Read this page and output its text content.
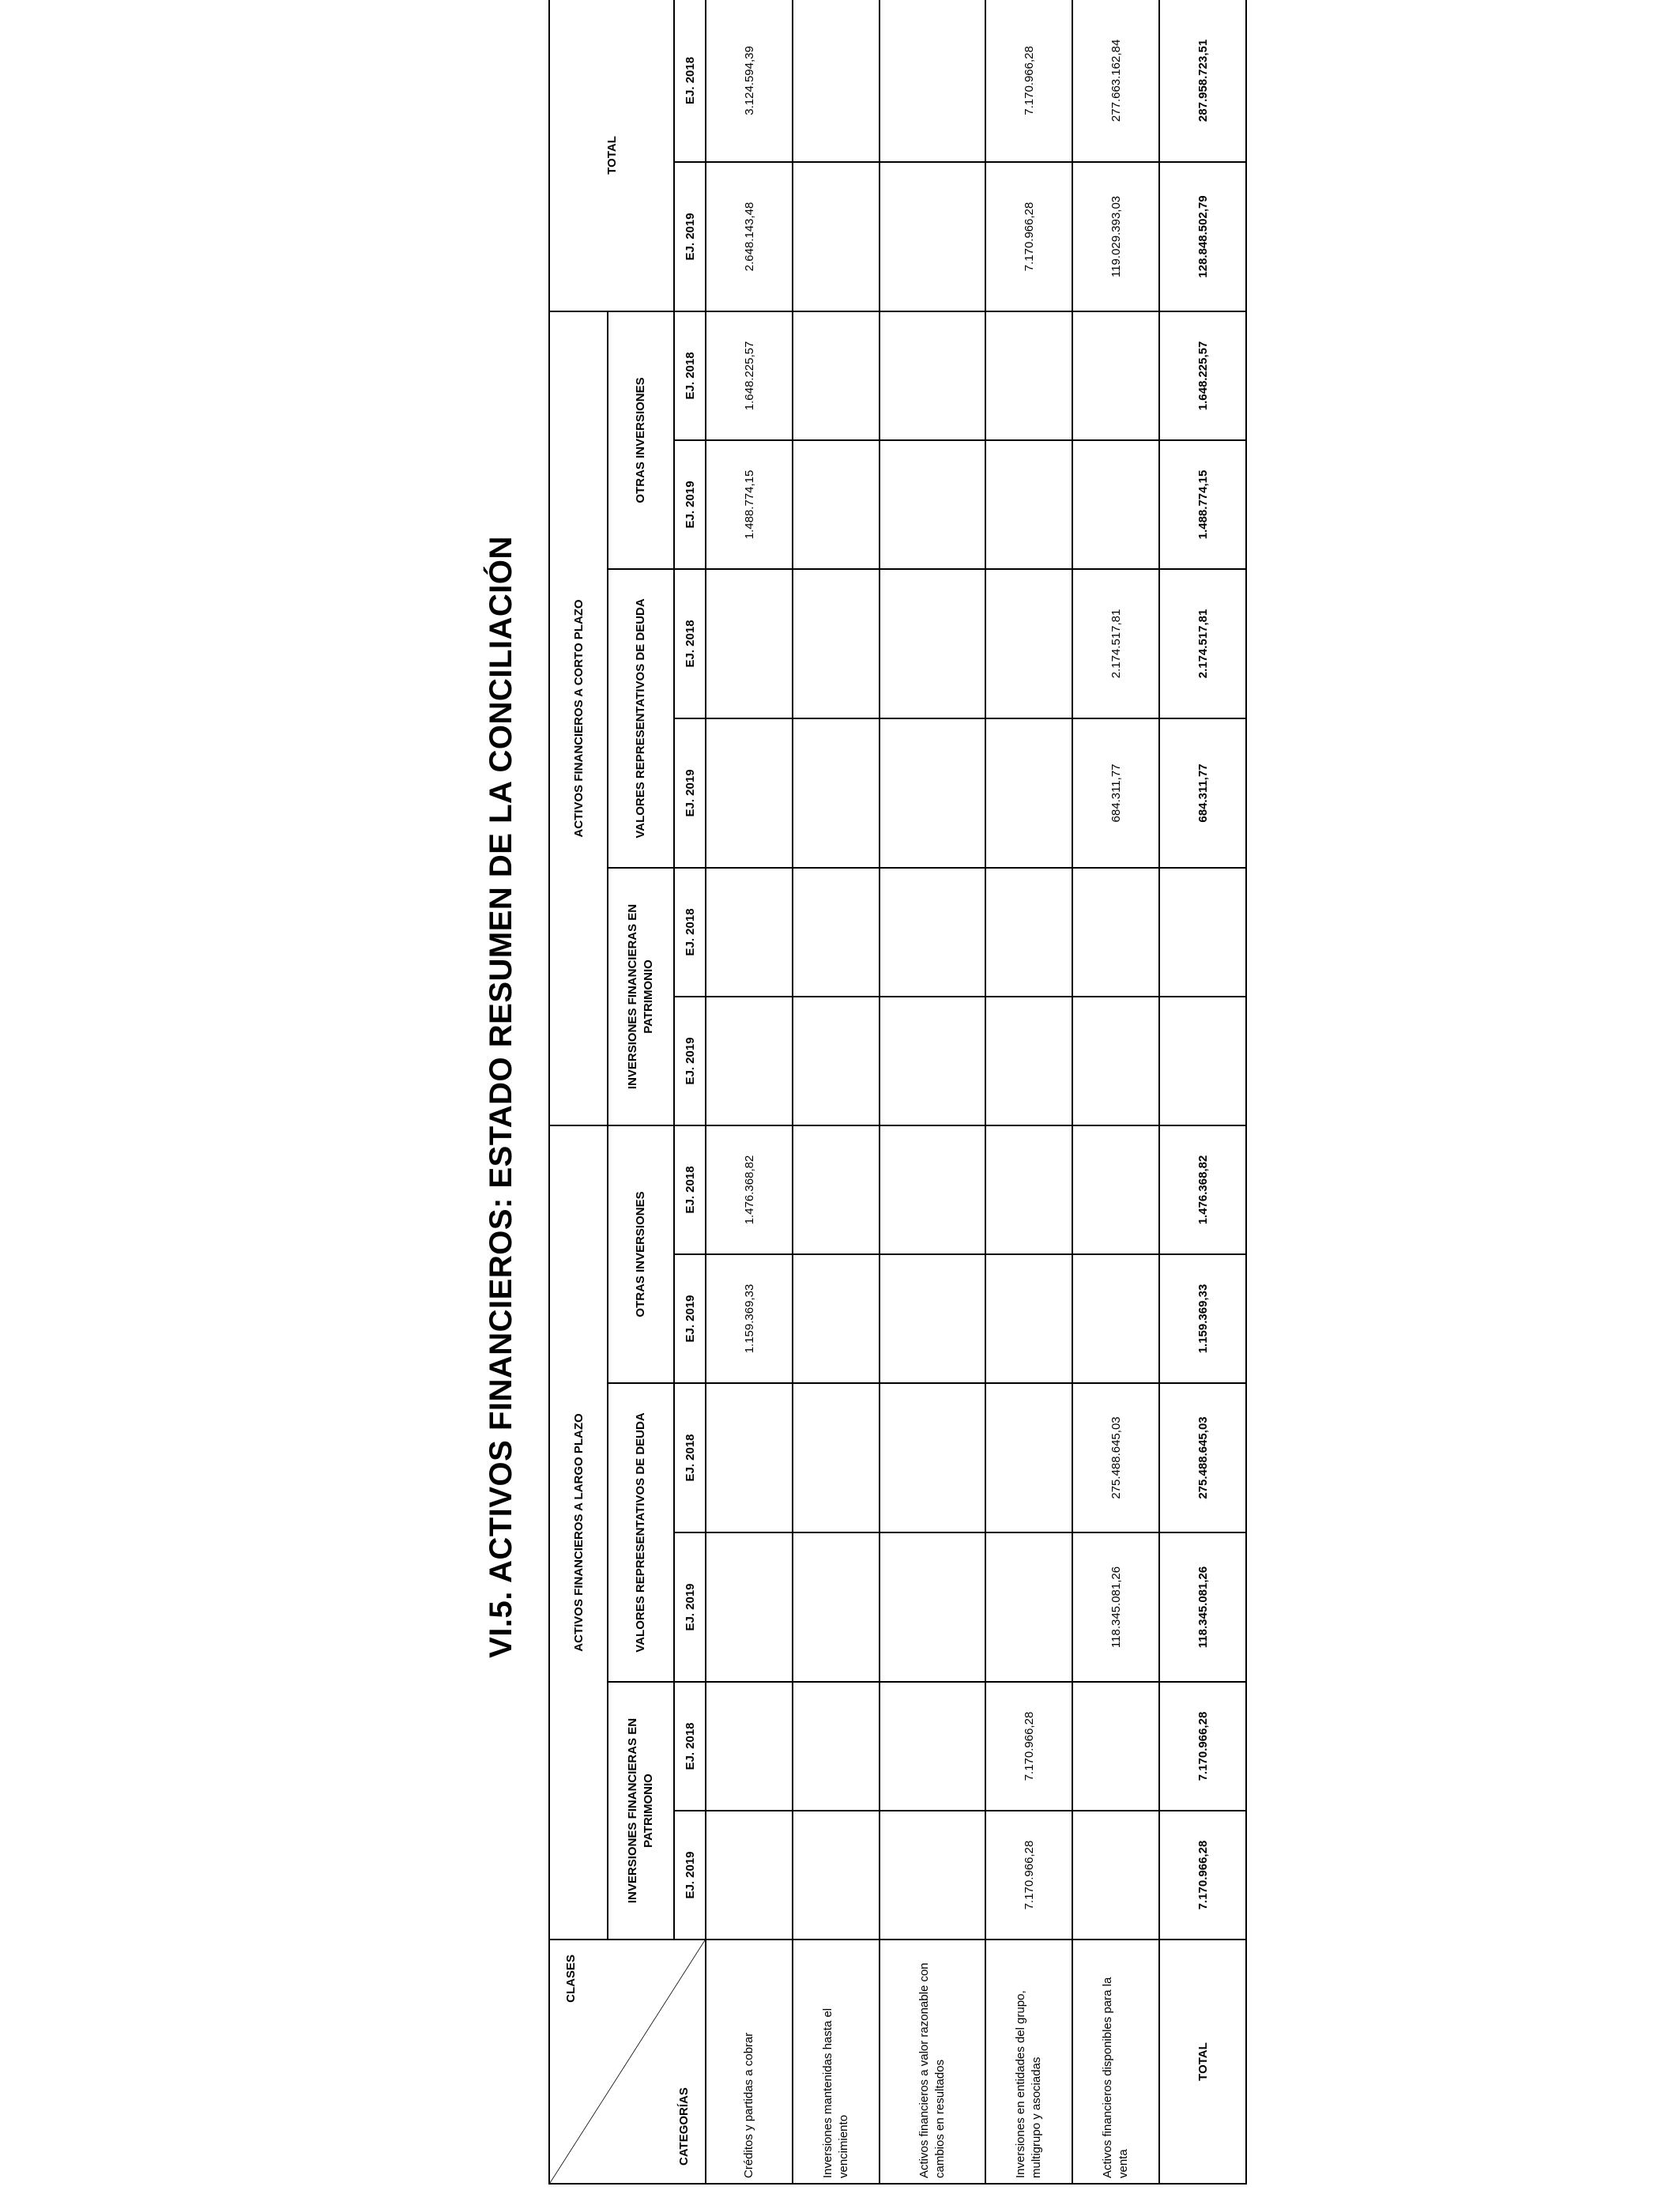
VI.5. ACTIVOS FINANCIEROS: ESTADO RESUMEN DE LA CONCILIACIÓN
CLASES
CATEGORÍAS	ACTIVOS FINANCIEROS A LARGO PLAZO						ACTIVOS FINANCIEROS A CORTO PLAZO						TOTAL	
	INVERSIONES FINANCIERAS EN PATRIMONIO		VALORES REPRESENTATIVOS DE DEUDA		OTRAS INVERSIONES		INVERSIONES FINANCIERAS EN PATRIMONIO		VALORES REPRESENTATIVOS DE DEUDA		OTRAS INVERSIONES			
	EJ. 2019	EJ. 2018	EJ. 2019	EJ. 2018	EJ. 2019	EJ. 2018	EJ. 2019	EJ. 2018	EJ. 2019	EJ. 2018	EJ. 2019	EJ. 2018	EJ. 2019	EJ. 2018
Créditos y partidas a cobrar					1.159.369,33	1.476.368,82					1.488.774,15	1.648.225,57	2.648.143,48	3.124.594,39
Inversiones mantenidas hasta el vencimiento														
Activos financieros a valor razonable con cambios en resultados														
Inversiones en entidades del grupo, multigrupo y asociadas	7.170.966,28	7.170.966,28											7.170.966,28	7.170.966,28
Activos financieros disponibles para la venta			118.345.081,26	275.488.645,03					684.311,77	2.174.517,81			119.029.393,03	277.663.162,84
TOTAL	7.170.966,28	7.170.966,28	118.345.081,26	275.488.645,03	1.159.369,33	1.476.368,82			684.311,77	2.174.517,81	1.488.774,15	1.648.225,57	128.848.502,79	287.958.723,51
